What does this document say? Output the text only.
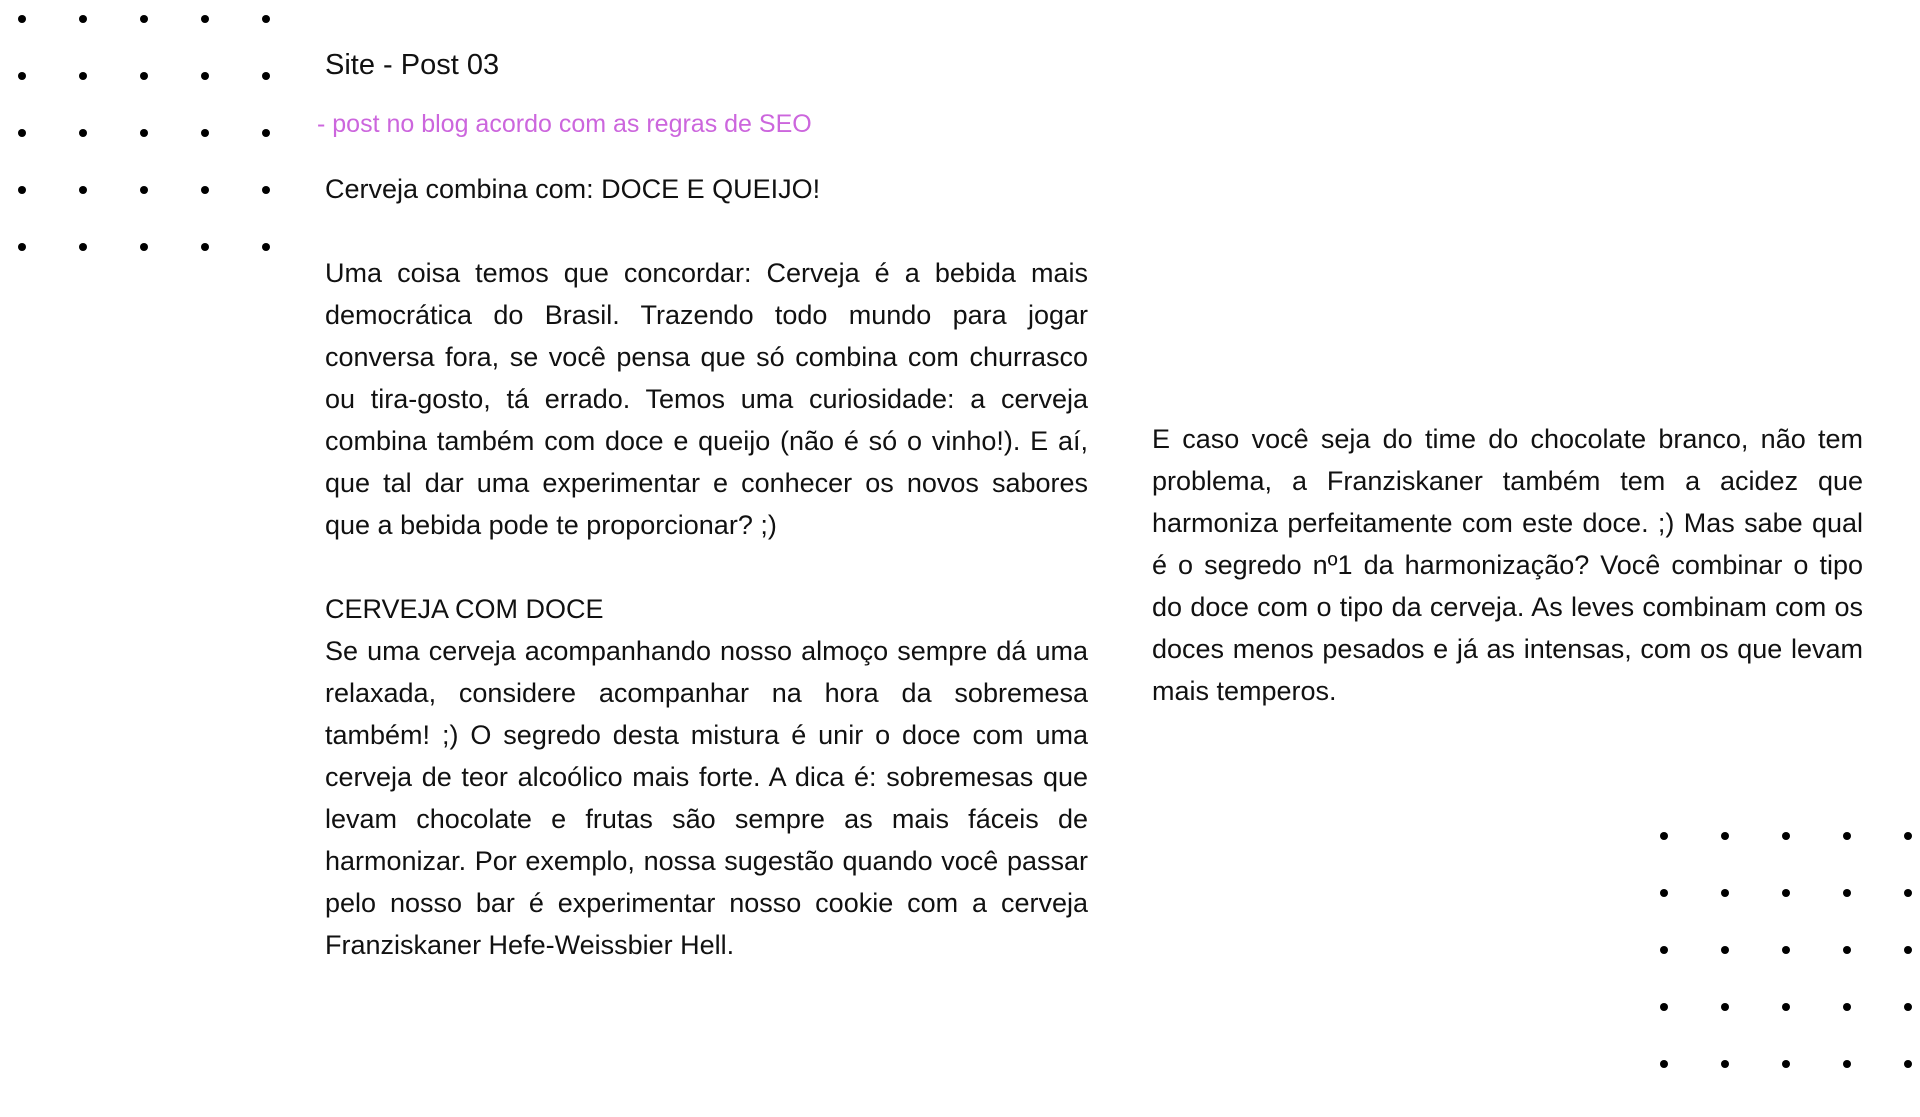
Site - Post 03

- post no blog acordo com as regras de SEO

Cerveja combina com: DOCE E QUEIJO!

Uma coisa temos que concordar: Cerveja é a bebida mais democrática do Brasil. Trazendo todo mundo para jogar conversa fora, se você pensa que só combina com churrasco ou tira-gosto, tá errado. Temos uma curiosidade: a cerveja combina também com doce e queijo (não é só o vinho!). E aí, que tal dar uma experimentar e conhecer os novos sabores que a bebida pode te proporcionar? ;)

CERVEJA COM DOCE

Se uma cerveja acompanhando nosso almoço sempre dá uma relaxada, considere acompanhar na hora da sobremesa também! ;) O segredo desta mistura é unir o doce com uma cerveja de teor alcoólico mais forte. A dica é: sobremesas que levam chocolate e frutas são sempre as mais fáceis de harmonizar. Por exemplo, nossa sugestão quando você passar pelo nosso bar é experimentar nosso cookie com a cerveja Franziskaner Hefe-Weissbier Hell.

E caso você seja do time do chocolate branco, não tem problema, a Franziskaner também tem a acidez que harmoniza perfeitamente com este doce. ;) Mas sabe qual é o segredo nº1 da harmonização? Você combinar o tipo do doce com o tipo da cerveja. As leves combinam com os doces menos pesados e já as intensas, com os que levam mais temperos.
